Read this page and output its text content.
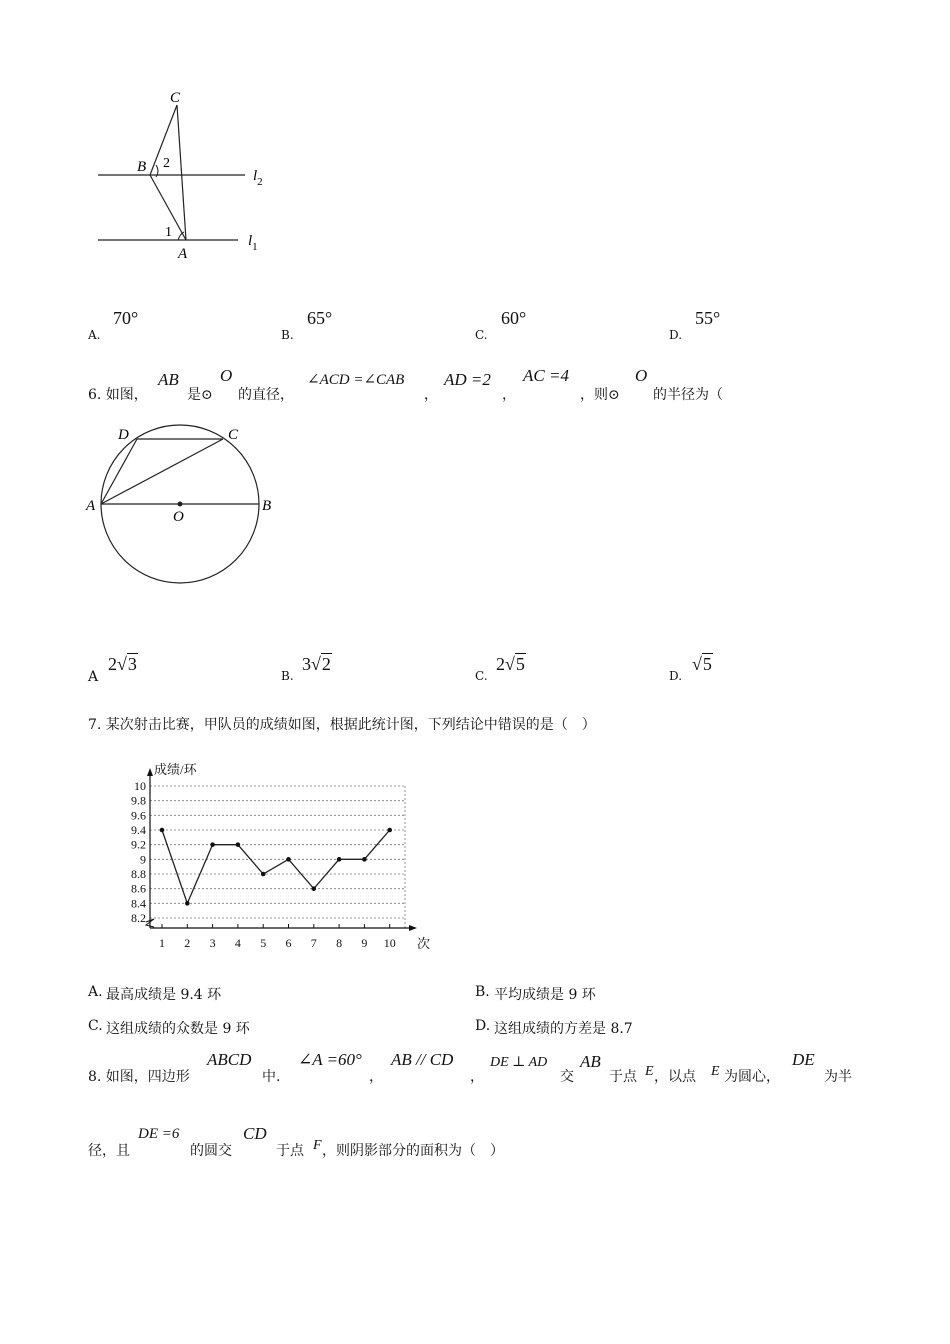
C
B 2
1
A
$l_2$
$l_1$
A.
70°
B.
65°
C.
60°
D.
55°
6. 如图，
AB
是⊙
O
的直径，
∠ACD =∠CAB
，
AD =2
，
AC =4
，则⊙
O
的半径为（
D	C
A	B
O
A
2√3
B.
3√2
C.
2√5
D.
√5
7. 某次射击比赛，甲队员的成绩如图，根据此统计图，下列结论中错误的是（　）
8.2
8.4
8.6
8.8
9
9.2
9.4
9.6
9.8
10
成绩/环
次
1 2 3 4 5 6 7 8 9 10
A. 最高成绩是 9.4 环	B. 平均成绩是 9 环
C. 这组成绩的众数是 9 环	D. 这组成绩的方差是 8.7
8. 如图，四边形
ABCD
中.
∠A =60°
，
AB // CD
，
DE ⊥ AD
交
AB
于点 E ，以点 E 为圆心，
DE
为半
径，且
DE =6
的圆交
CD
于点 F ，则阴影部分的面积为（　）
